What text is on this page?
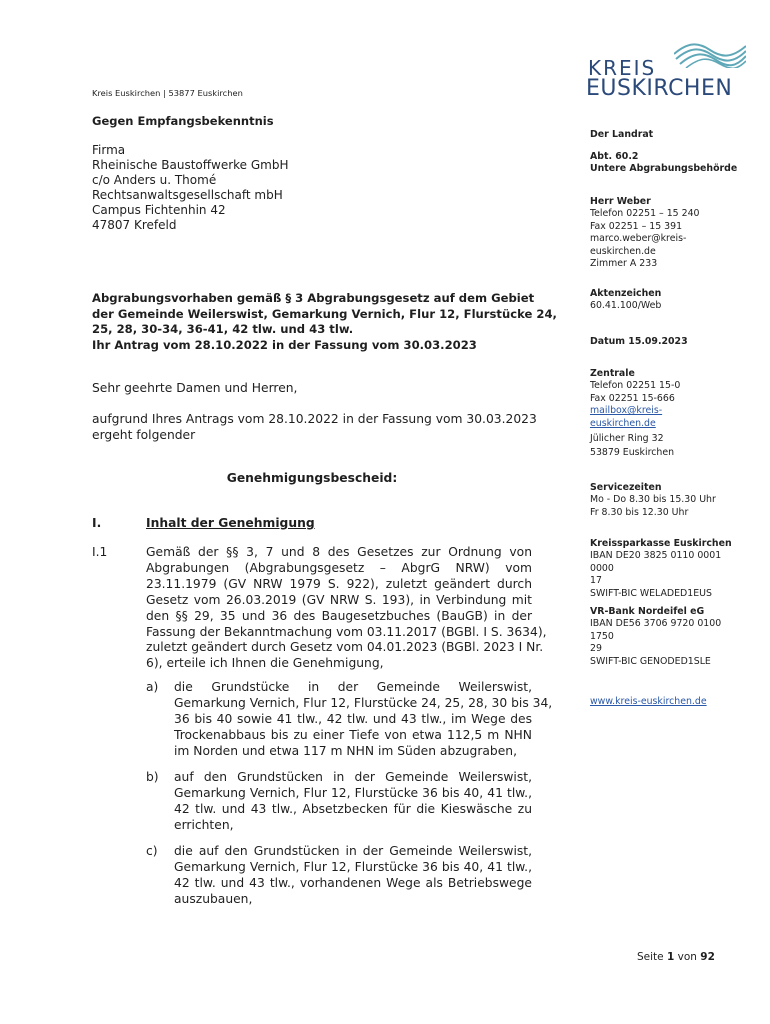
KREIS
EUSKIRCHEN
Kreis Euskirchen | 53877 Euskirchen
Gegen Empfangsbekenntnis
Firma
Rheinische Baustoffwerke GmbH
c/o Anders u. Thomé
Rechtsanwaltsgesellschaft mbH
Campus Fichtenhin 42
47807 Krefeld
Abgrabungsvorhaben gemäß § 3 Abgrabungsgesetz auf dem Gebiet
der Gemeinde Weilerswist, Gemarkung Vernich, Flur 12, Flurstücke 24,
25, 28, 30-34, 36-41, 42 tlw. und 43 tlw.
Ihr Antrag vom 28.10.2022 in der Fassung vom 30.03.2023
Sehr geehrte Damen und Herren,
aufgrund Ihres Antrags vom 28.10.2022 in der Fassung vom 30.03.2023
ergeht folgender
Genehmigungsbescheid:
I.	Inhalt der Genehmigung
I.1	Gemäß der §§ 3, 7 und 8 des Gesetzes zur Ordnung von
Abgrabungen (Abgrabungsgesetz – AbgrG NRW) vom
23.11.1979 (GV NRW 1979 S. 922), zuletzt geändert durch
Gesetz vom 26.03.2019 (GV NRW S. 193), in Verbindung mit
den §§ 29, 35 und 36 des Baugesetzbuches (BauGB) in der
Fassung der Bekanntmachung vom 03.11.2017 (BGBl. I S. 3634),
zuletzt geändert durch Gesetz vom 04.01.2023 (BGBl. 2023 I Nr.
6), erteile ich Ihnen die Genehmigung,
a) die Grundstücke in der Gemeinde Weilerswist,
Gemarkung Vernich, Flur 12, Flurstücke 24, 25, 28, 30 bis 34,
36 bis 40 sowie 41 tlw., 42 tlw. und 43 tlw., im Wege des
Trockenabbaus bis zu einer Tiefe von etwa 112,5 m NHN
im Norden und etwa 117 m NHN im Süden abzugraben,
b) auf den Grundstücken in der Gemeinde Weilerswist,
Gemarkung Vernich, Flur 12, Flurstücke 36 bis 40, 41 tlw.,
42 tlw. und 43 tlw., Absetzbecken für die Kieswäsche zu
errichten,
c) die auf den Grundstücken in der Gemeinde Weilerswist,
Gemarkung Vernich, Flur 12, Flurstücke 36 bis 40, 41 tlw.,
42 tlw. und 43 tlw., vorhandenen Wege als Betriebswege
auszubauen,
Der Landrat
Abt. 60.2
Untere Abgrabungsbehörde
Herr Weber
Telefon 02251 – 15 240
Fax 02251 – 15 391
marco.weber@kreis-
euskirchen.de
Zimmer A 233
Aktenzeichen
60.41.100/Web
Datum 15.09.2023
Zentrale
Telefon 02251 15-0
Fax 02251 15-666
mailbox@kreis-
euskirchen.de
Jülicher Ring 32
53879 Euskirchen
Servicezeiten
Mo - Do 8.30 bis 15.30 Uhr
Fr 8.30 bis 12.30 Uhr
Kreissparkasse Euskirchen
IBAN DE20 3825 0110 0001
0000
17
SWIFT-BIC WELADED1EUS
VR-Bank Nordeifel eG
IBAN DE56 3706 9720 0100
1750
29
SWIFT-BIC GENODED1SLE
www.kreis-euskirchen.de
Seite 1 von 92
